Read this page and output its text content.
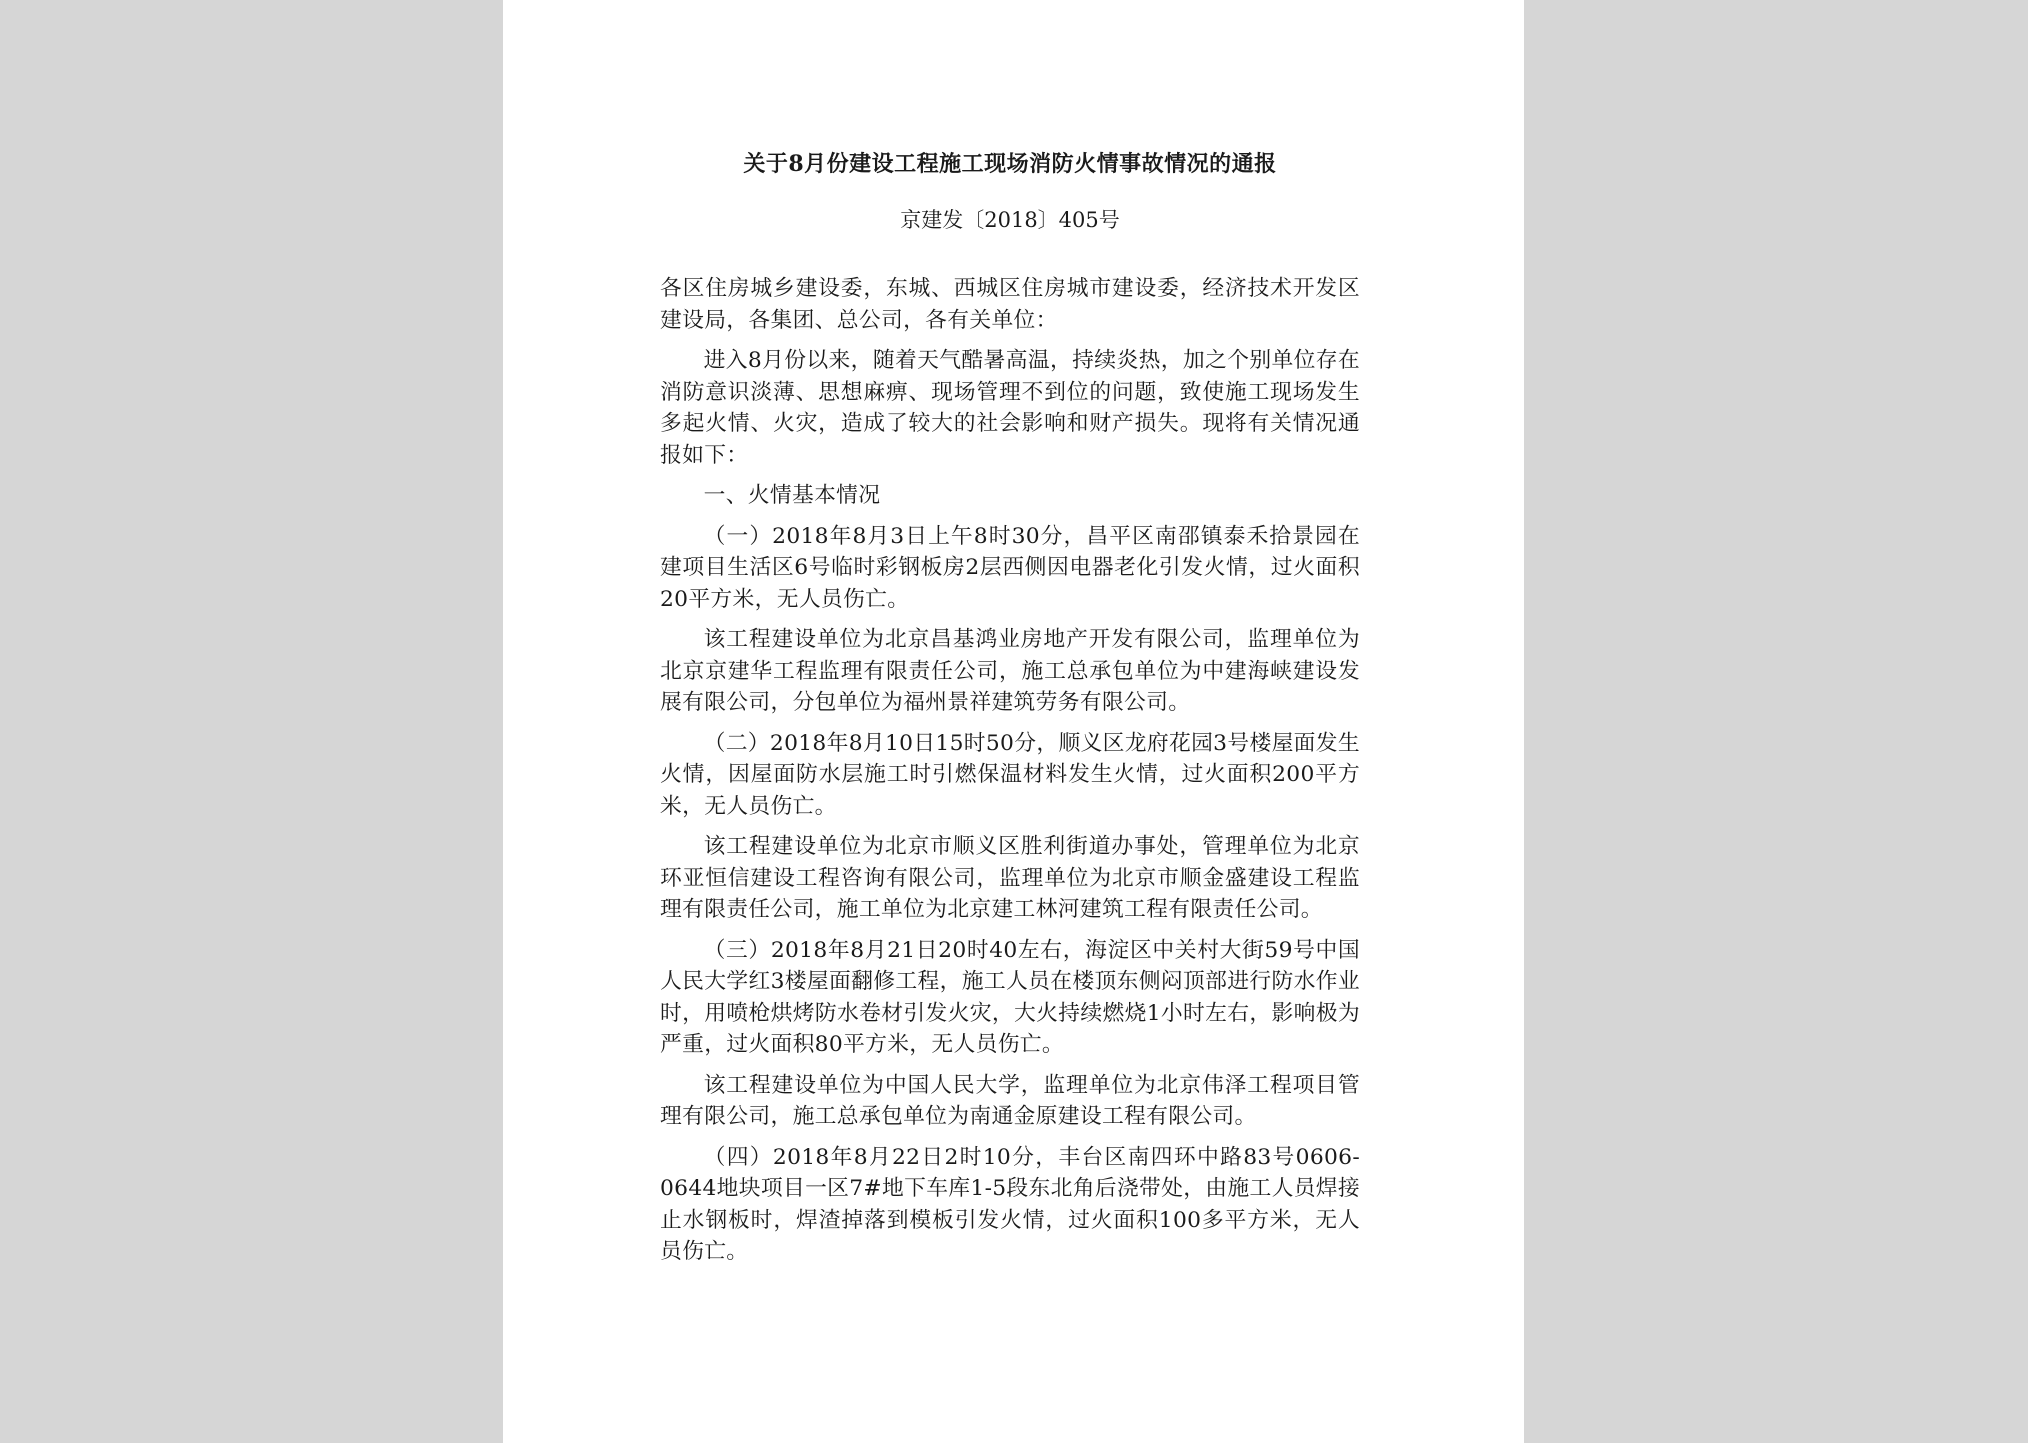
关于8月份建设工程施工现场消防火情事故情况的通报
京建发〔2018〕405号

各区住房城乡建设委，东城、西城区住房城市建设委，经济技术开发区建设局，各集团、总公司，各有关单位：

进入8月份以来，随着天气酷暑高温，持续炎热，加之个别单位存在消防意识淡薄、思想麻痹、现场管理不到位的问题，致使施工现场发生多起火情、火灾，造成了较大的社会影响和财产损失。现将有关情况通报如下：

一、火情基本情况

（一）2018年8月3日上午8时30分，昌平区南邵镇泰禾拾景园在建项目生活区6号临时彩钢板房2层西侧因电器老化引发火情，过火面积20平方米，无人员伤亡。

该工程建设单位为北京昌基鸿业房地产开发有限公司，监理单位为北京京建华工程监理有限责任公司，施工总承包单位为中建海峡建设发展有限公司，分包单位为福州景祥建筑劳务有限公司。

（二）2018年8月10日15时50分，顺义区龙府花园3号楼屋面发生火情，因屋面防水层施工时引燃保温材料发生火情，过火面积200平方米，无人员伤亡。

该工程建设单位为北京市顺义区胜利街道办事处，管理单位为北京环亚恒信建设工程咨询有限公司，监理单位为北京市顺金盛建设工程监理有限责任公司，施工单位为北京建工林河建筑工程有限责任公司。

（三）2018年8月21日20时40左右，海淀区中关村大街59号中国人民大学红3楼屋面翻修工程，施工人员在楼顶东侧闷顶部进行防水作业时，用喷枪烘烤防水卷材引发火灾，大火持续燃烧1小时左右，影响极为严重，过火面积80平方米，无人员伤亡。

该工程建设单位为中国人民大学，监理单位为北京伟泽工程项目管理有限公司，施工总承包单位为南通金原建设工程有限公司。

（四）2018年8月22日2时10分，丰台区南四环中路83号0606-0644地块项目一区7#地下车库1-5段东北角后浇带处，由施工人员焊接止水钢板时，焊渣掉落到模板引发火情，过火面积100多平方米，无人员伤亡。
